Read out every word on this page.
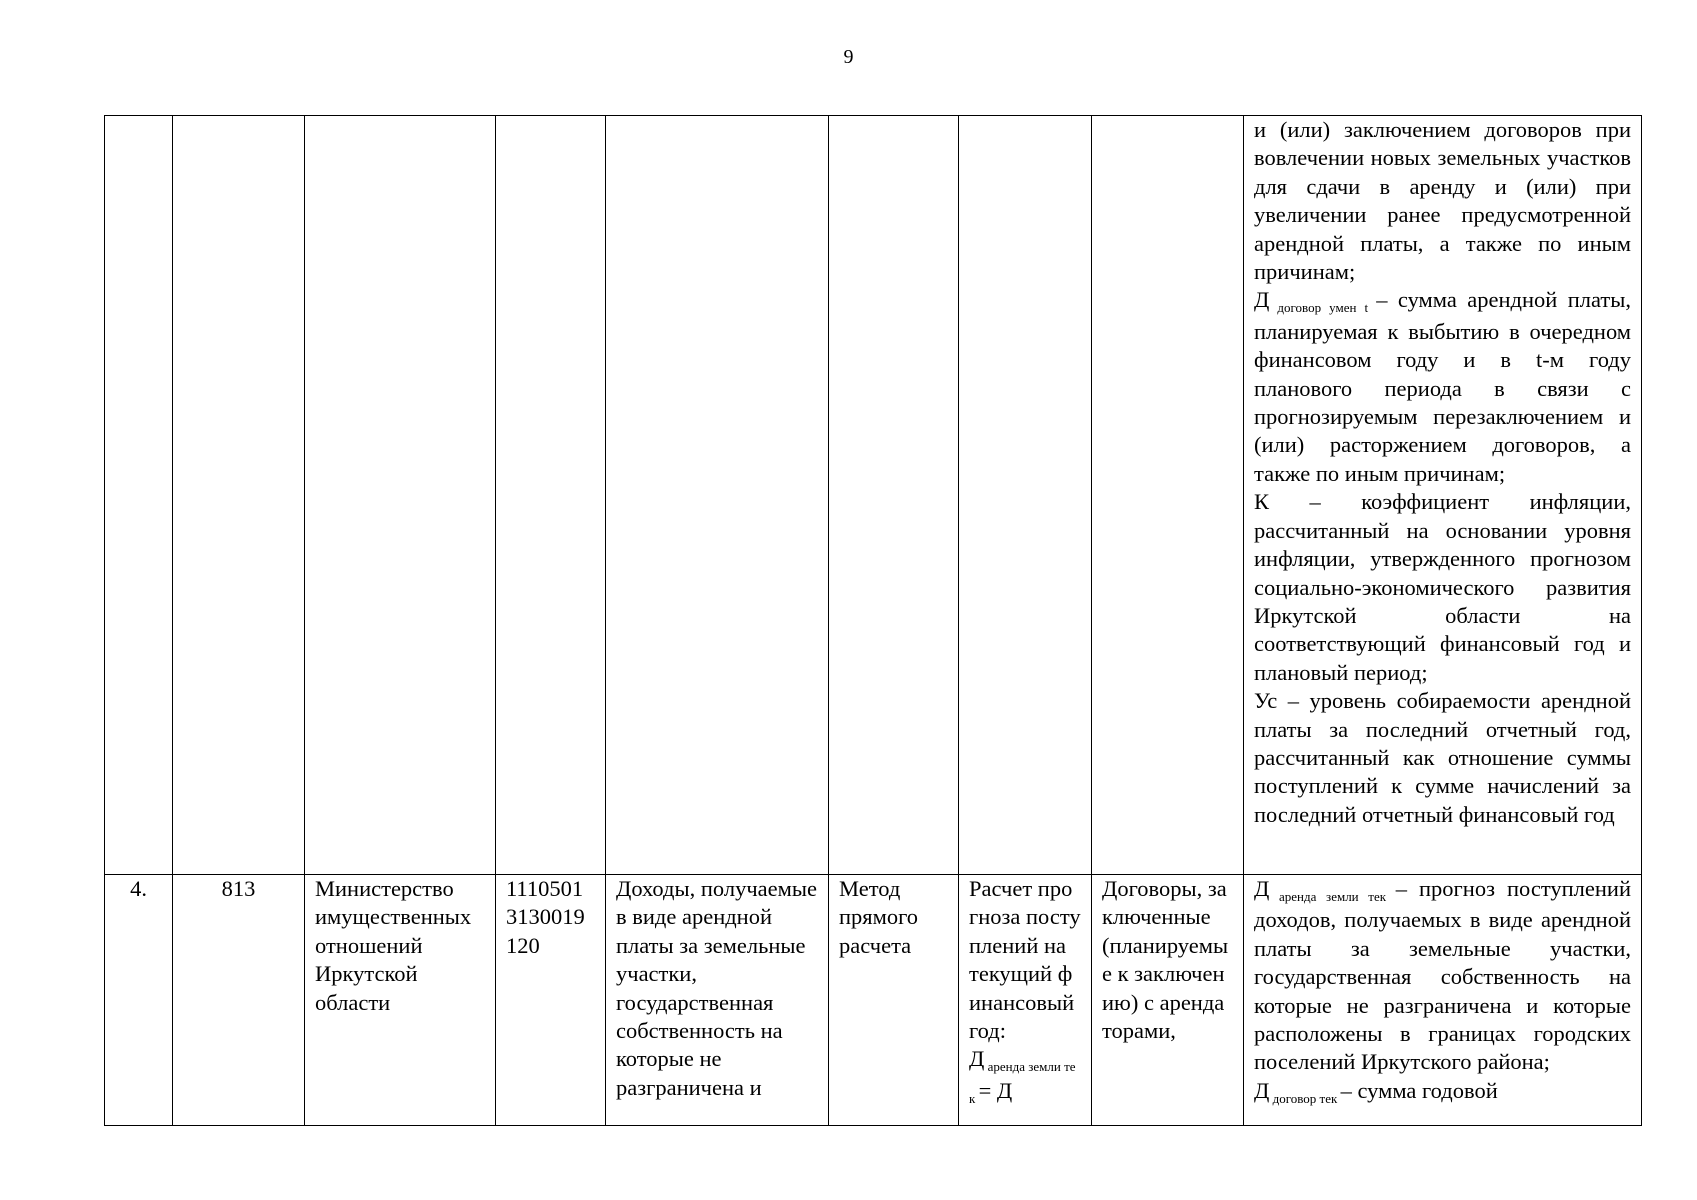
9

								и (или) заключением договоров при вовлечении новых земельных участков для сдачи в аренду и (или) при увеличении ранее предусмотренной арендной платы, а также по иным причинам;
Д $_{договор умен t}$ – сумма арендной платы, планируемая к выбытию в очередном финансовом году и в t-м году планового периода в связи с прогнозируемым перезаключением и (или) расторжением договоров, а также по иным причинам;
К – коэффициент инфляции, рассчитанный на основании уровня инфляции, утвержденного прогнозом социально-экономического развития Иркутской области на соответствующий финансовый год и плановый период;
Ус – уровень собираемости арендной платы за последний отчетный год, рассчитанный как отношение суммы поступлений к сумме начислений за последний отчетный финансовый год

4.	813	Министерство имущественных отношений Иркутской области	1110501 3130019 120	Доходы, получаемые в виде арендной платы за земельные участки, государственная собственность на которые не разграничена и	Метод прямого расчета	Расчет прогноза поступлений на текущий финансовый год:
Д $_{аренда земли тек}$ = Д	Договоры, заключенные (планируемые к заключению) с арендаторами,	Д $_{аренда земли тек}$ – прогноз поступлений доходов, получаемых в виде арендной платы за земельные участки, государственная собственность на которые не разграничена и которые расположены в границах городских поселений Иркутского района;
Д $_{договор тек}$ – сумма годовой
